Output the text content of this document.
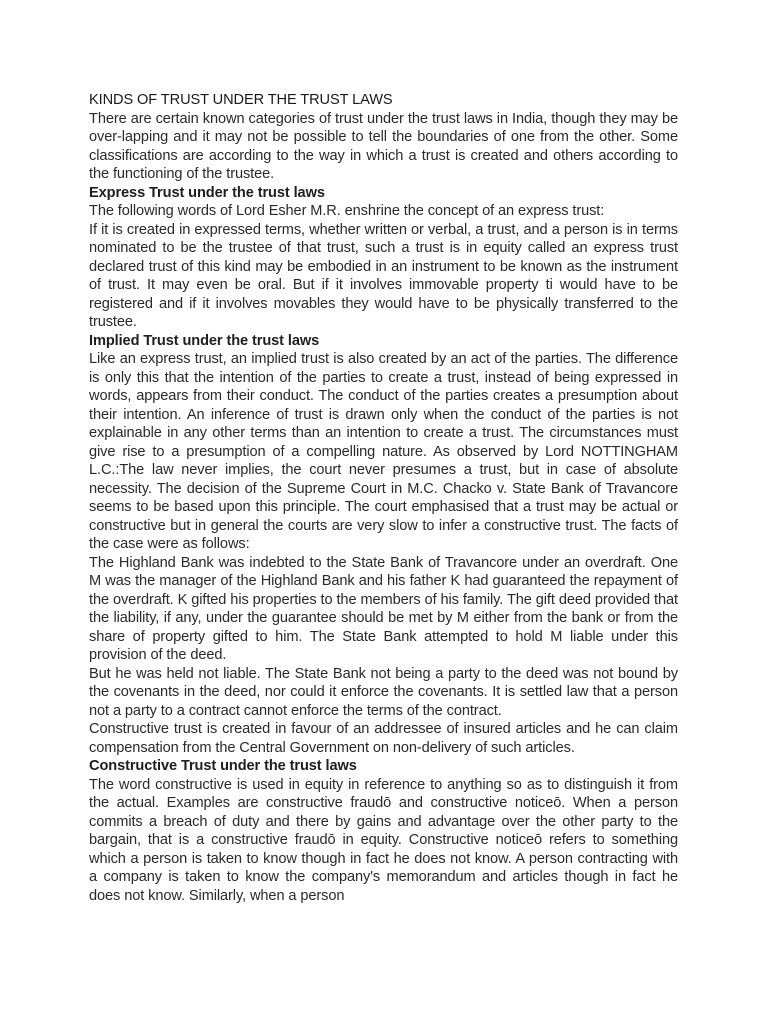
KINDS OF TRUST UNDER THE TRUST LAWS

There are certain known categories of trust under the trust laws in India, though they may be over-lapping and it may not be possible to tell the boundaries of one from the other. Some classifications are according to the way in which a trust is created and others according to the functioning of the trustee.

Express Trust under the trust laws

The following words of Lord Esher M.R. enshrine the concept of an express trust:

If it is created in expressed terms, whether written or verbal, a trust, and a person is in terms nominated to be the trustee of that trust, such a trust is in equity called an express trust declared trust of this kind may be embodied in an instrument to be known as the instrument of trust. It may even be oral. But if it involves immovable property ti would have to be registered and if it involves movables they would have to be physically transferred to the trustee.

Implied Trust under the trust laws

Like an express trust, an implied trust is also created by an act of the parties. The difference is only this that the intention of the parties to create a trust, instead of being expressed in words, appears from their conduct. The conduct of the parties creates a presumption about their intention. An inference of trust is drawn only when the conduct of the parties is not explainable in any other terms than an intention to create a trust. The circumstances must give rise to a presumption of a compelling nature. As observed by Lord NOTTINGHAM L.C.:The law never implies, the court never presumes a trust, but in case of absolute necessity. The decision of the Supreme Court in M.C. Chacko v. State Bank of Travancore seems to be based upon this principle. The court emphasised that a trust may be actual or constructive but in general the courts are very slow to infer a constructive trust. The facts of the case were as follows:

The Highland Bank was indebted to the State Bank of Travancore under an overdraft. One M was the manager of the Highland Bank and his father K had guaranteed the repayment of the overdraft. K gifted his properties to the members of his family. The gift deed provided that the liability, if any, under the guarantee should be met by M either from the bank or from the share of property gifted to him. The State Bank attempted to hold M liable under this provision of the deed.

But he was held not liable. The State Bank not being a party to the deed was not bound by the covenants in the deed, nor could it enforce the covenants. It is settled law that a person not a party to a contract cannot enforce the terms of the contract.

Constructive trust is created in favour of an addressee of insured articles and he can claim compensation from the Central Government on non-delivery of such articles.

Constructive Trust under the trust laws

The word constructive is used in equity in reference to anything so as to distinguish it from the actual. Examples are constructive fraudō and constructive noticeō. When a person commits a breach of duty and there by gains and advantage over the other party to the bargain, that is a constructive fraudō in equity. Constructive noticeō refers to something which a person is taken to know though in fact he does not know. A person contracting with a company is taken to know the company's memorandum and articles though in fact he does not know. Similarly, when a person
